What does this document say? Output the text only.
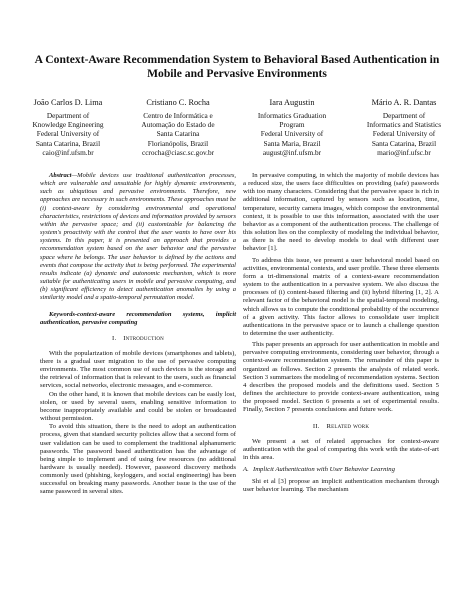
A Context-Aware Recommendation System to Behavioral Based Authentication in Mobile and Pervasive Environments
João Carlos D. Lima
Department of
Knowledge Engineering
Federal University of
Santa Catarina, Brazil
caio@inf.ufsm.br
Cristiano C. Rocha
Centro de Informática e
Automação do Estado de
Santa Catarina
Florianópolis, Brazil
ccrocha@ciasc.sc.gov.br
Iara Augustin
Informatics Graduation
Program
Federal University of
Santa Maria, Brazil
august@inf.ufsm.br
Mário A. R. Dantas
Department of
Informatics and Statistics
Federal University of
Santa Catarina, Brazil
mario@inf.ufsc.br

Abstract—Mobile devices use traditional authentication processes, which are vulnerable and unsuitable for highly dynamic environments, such as ubiquitous and pervasive environments. Therefore, new approaches are necessary in such environments. These approaches must be (i) context-aware by considering environmental and operational characteristics, restrictions of devices and information provided by sensors within the pervasive space; and (ii) customizable for balancing the system's proactivity with the control that the user wants to have over his systems. In this paper, it is presented an approach that provides a recommendation system based on the user behavior and the pervasive space where he belongs. The user behavior is defined by the actions and events that compose the activity that is being performed. The experimental results indicate (a) dynamic and autonomic mechanism, which is more suitable for authenticating users in mobile and pervasive computing, and (b) significant efficiency to detect authentication anomalies by using a similarity model and a spatio-temporal permutation model.

Keywords-context-aware recommendation systems, implicit authentication, pervasive computing

I. Introduction

With the popularization of mobile devices (smartphones and tablets), there is a gradual user migration to the use of pervasive computing environments. The most common use of such devices is the storage and the retrieval of information that is relevant to the users, such as financial services, social networks, electronic messages, and e-commerce.

On the other hand, it is known that mobile devices can be easily lost, stolen, or used by several users, enabling sensitive information to become inappropriately available and could be stolen or broadcasted without permission.

To avoid this situation, there is the need to adopt an authentication process, given that standard security policies allow that a second form of user validation can be used to complement the traditional alphanumeric passwords. The password based authentication has the advantage of being simple to implement and of using few resources (no additional hardware is usually needed). However, password discovery methods commonly used (phishing, keyloggers, and social engineering) has been successful on breaking many passwords. Another issue is the use of the same password in several sites.

In pervasive computing, in which the majority of mobile devices has a reduced size, the users face difficulties on providing (safe) passwords with too many characters. Considering that the pervasive space is rich in additional information, captured by sensors such as location, time, temperature, security camera images, which compose the environmental context, it is possible to use this information, associated with the user behavior as a component of the authentication process. The challenge of this solution lies on the complexity of modeling the individual behavior, as there is the need to develop models to deal with different user behavior [1].

To address this issue, we present a user behavioral model based on activities, environmental contexts, and user profile. These three elements form a tri-dimensional matrix of a context-aware recommendation system to the authentication in a pervasive system. We also discuss the processes of (i) content-based filtering and (ii) hybrid filtering [1, 2]. A relevant factor of the behavioral model is the spatial-temporal modeling, which allows us to compute the conditional probability of the occurrence of a given activity. This factor allows to consolidate user implicit authentications in the pervasive space or to launch a challenge question to determine the user authenticity.

This paper presents an approach for user authentication in mobile and pervasive computing environments, considering user behavior, through a context-aware recommendation system. The remainder of this paper is organized as follows. Section 2 presents the analysis of related work. Section 3 summarizes the modeling of recommendation systems. Section 4 describes the proposed models and the definitions used. Section 5 defines the architecture to provide context-aware authentication, using the proposed model. Section 6 presents a set of experimental results. Finally, Section 7 presents conclusions and future work.

II. Related work

We present a set of related approaches for context-aware authentication with the goal of comparing this work with the state-of-art in this area.

A. Implicit Authentication with User Behavior Learning

Shi et al [3] propose an implicit authentication mechanism through user behavior learning. The mechanism
